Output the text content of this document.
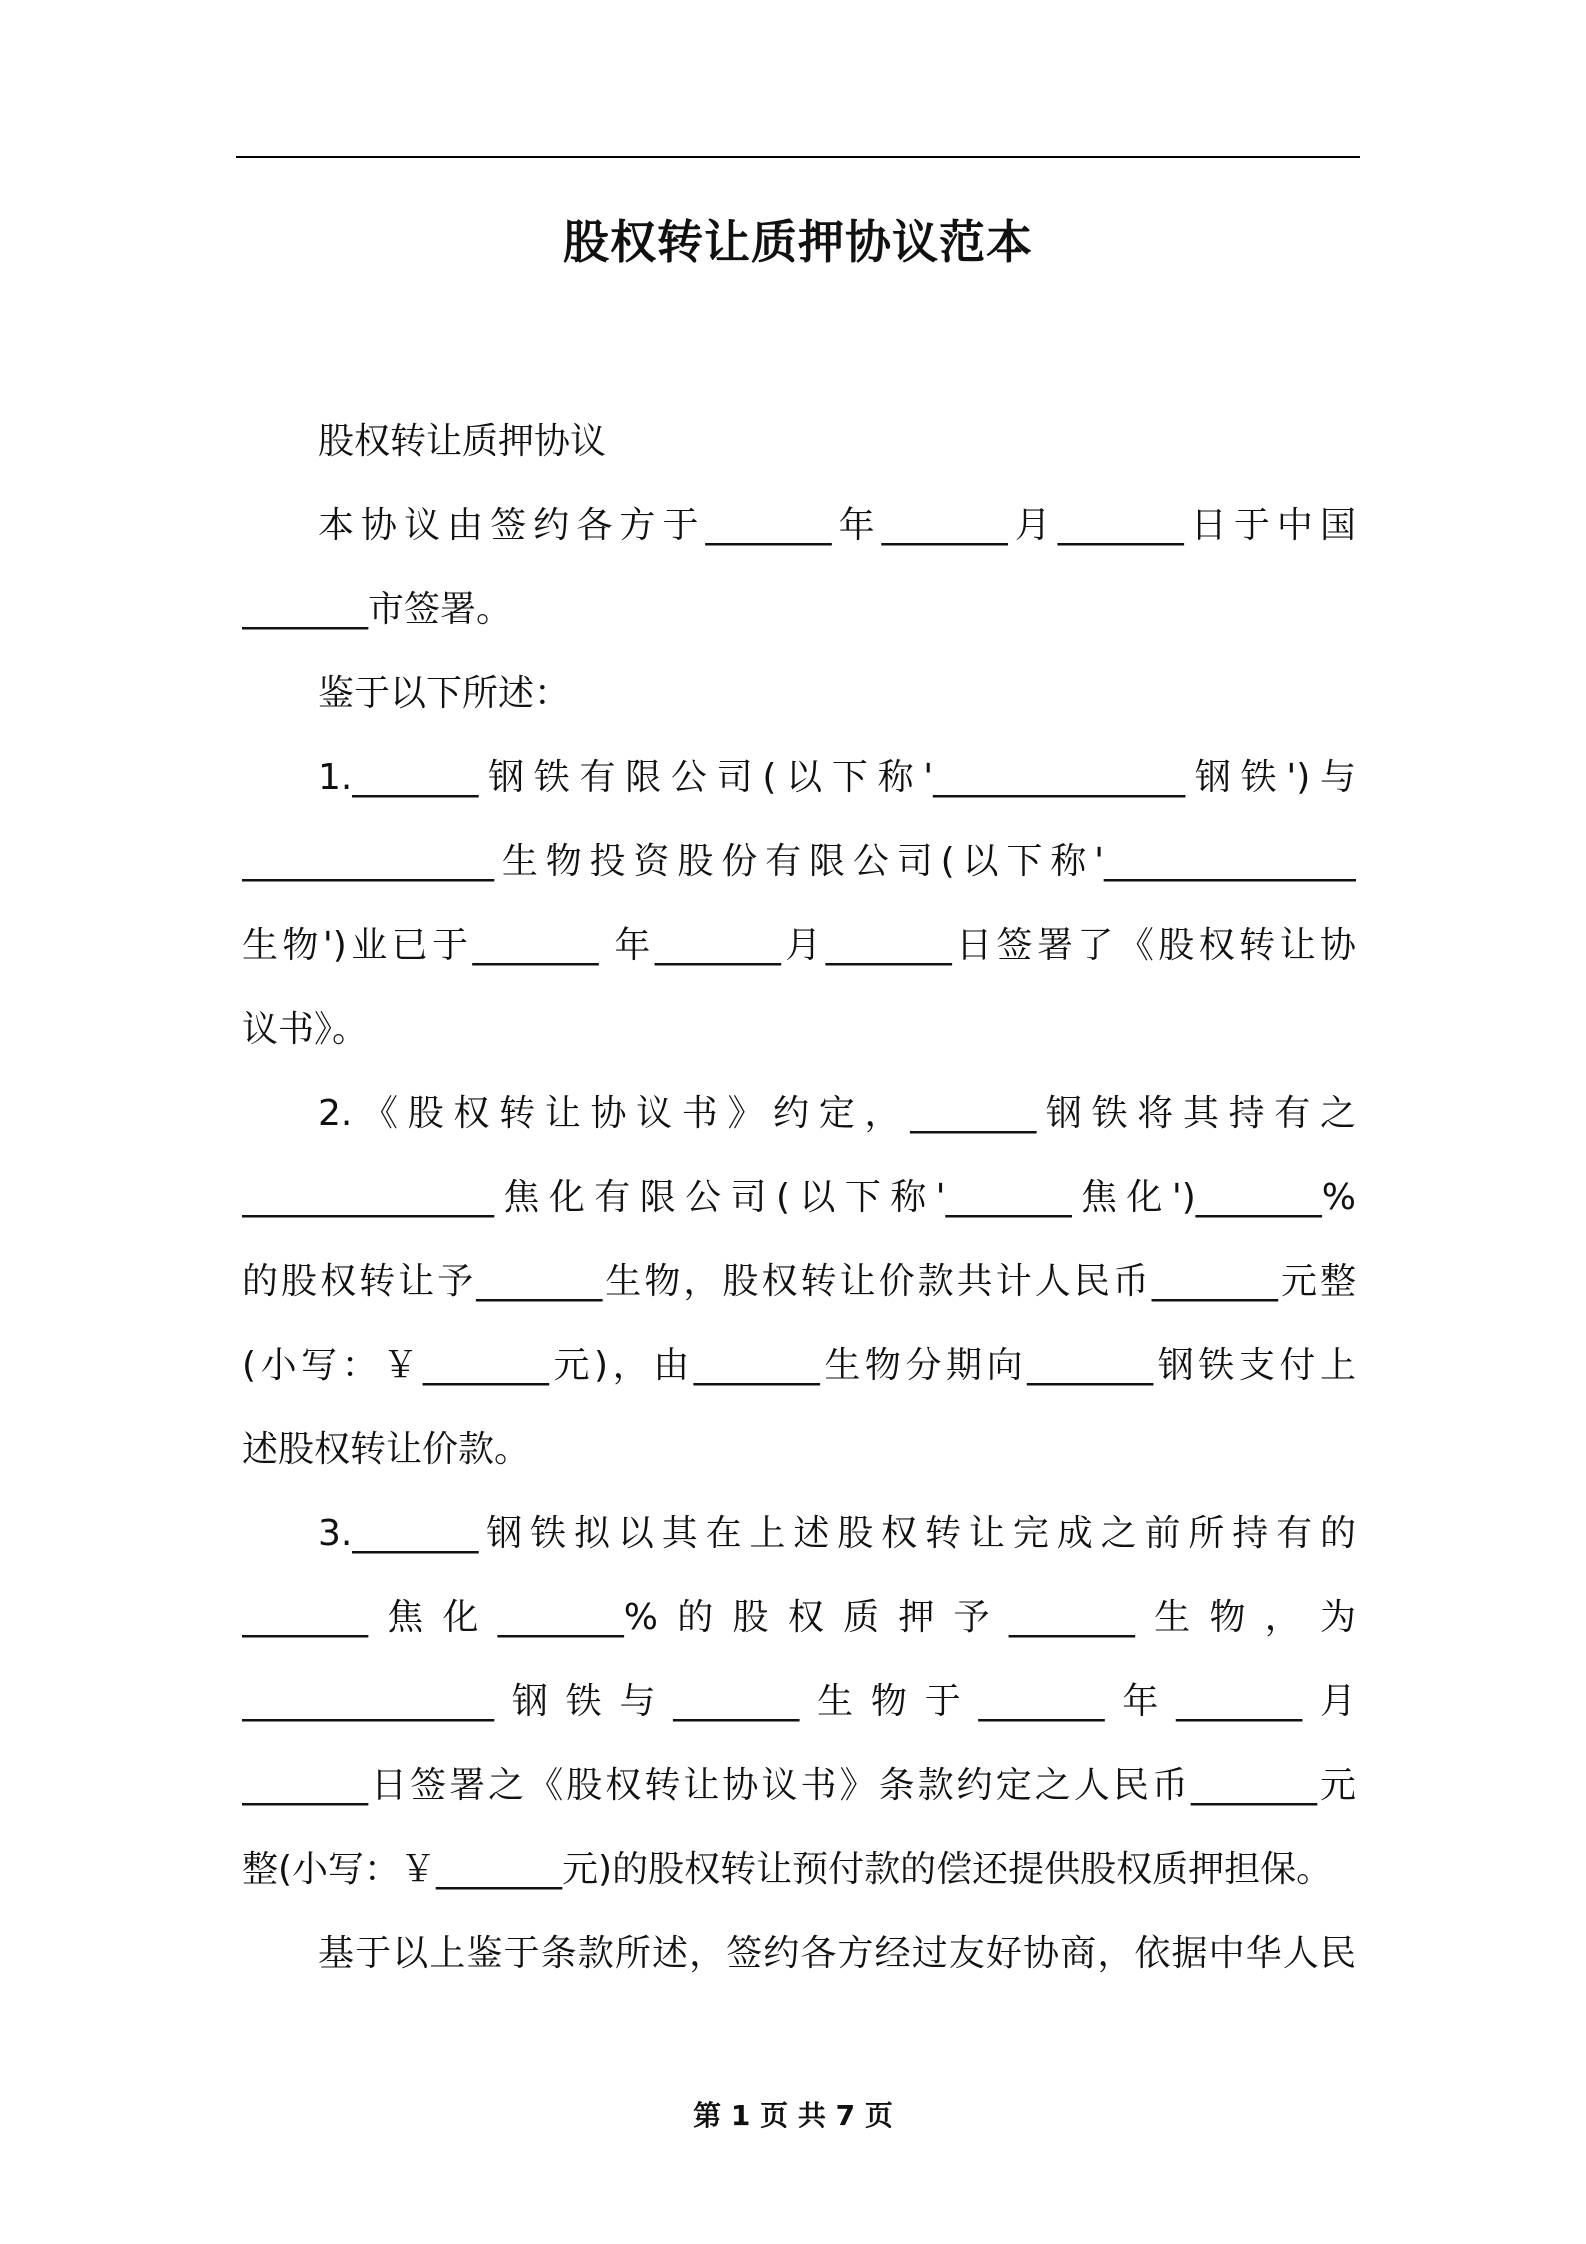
股权转让质押协议范本
股权转让质押协议
本协议由签约各方于_______年_______月_______日于中国
_______市签署。
鉴于以下所述：
1._______钢铁有限公司(以下称'______________钢铁')与
______________生物投资股份有限公司(以下称'______________
生物')业已于_______ 年_______月_______日签署了《股权转让协
议书》。
2.《股权转让协议书》约定，_______钢铁将其持有之
______________焦化有限公司(以下称'_______焦化')_______%
的股权转让予_______生物，股权转让价款共计人民币_______元整
(小写：￥_______元)，由_______生物分期向_______钢铁支付上
述股权转让价款。
3._______钢铁拟以其在上述股权转让完成之前所持有的
_______焦化_______%的股权质押予_______生物，为
______________钢铁与_______生物于_______年_______月
_______日签署之《股权转让协议书》条款约定之人民币_______元
整(小写：￥_______元)的股权转让预付款的偿还提供股权质押担保。
基于以上鉴于条款所述，签约各方经过友好协商，依据中华人民
第 1 页 共 7 页
